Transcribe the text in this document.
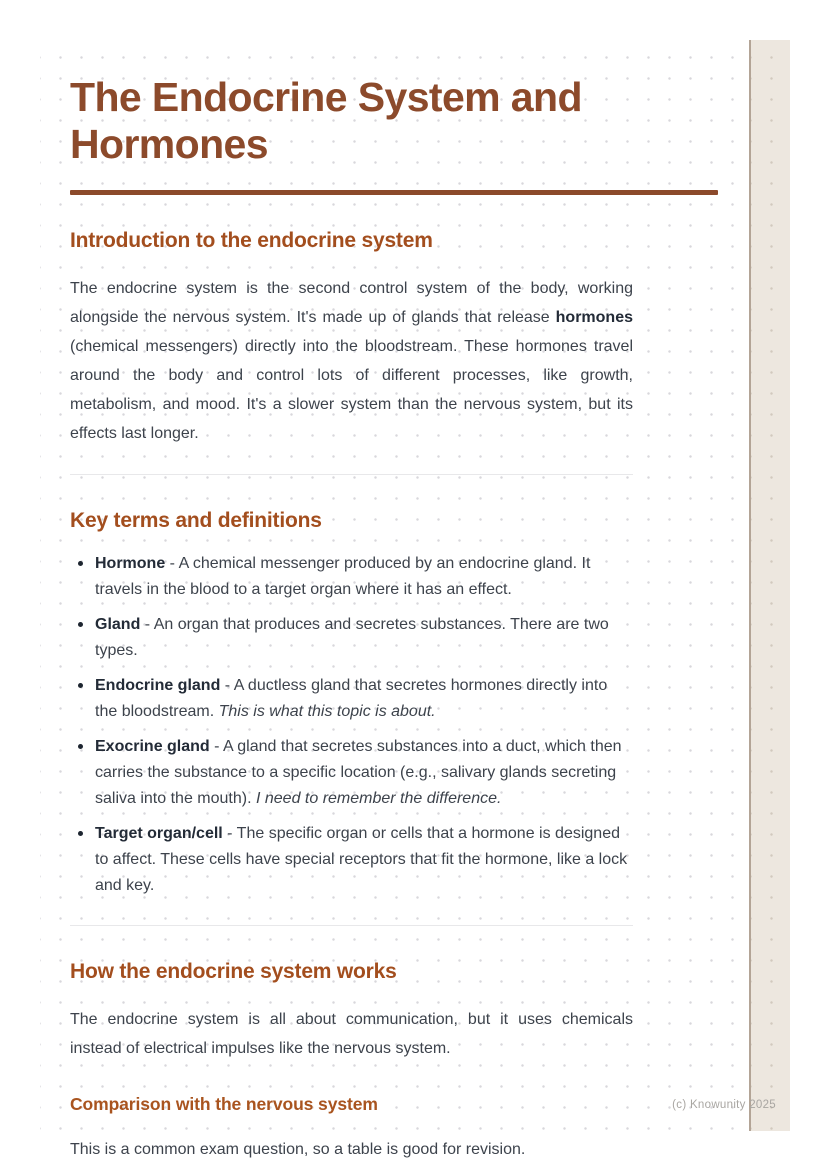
The Endocrine System and Hormones
Introduction to the endocrine system

The endocrine system is the second control system of the body, working alongside the nervous system. It's made up of glands that release hormones (chemical messengers) directly into the bloodstream. These hormones travel around the body and control lots of different processes, like growth, metabolism, and mood. It's a slower system than the nervous system, but its effects last longer.

Key terms and definitions
Hormone - A chemical messenger produced by an endocrine gland. It travels in the blood to a target organ where it has an effect.
Gland - An organ that produces and secretes substances. There are two types.
Endocrine gland - A ductless gland that secretes hormones directly into the bloodstream. This is what this topic is about.
Exocrine gland - A gland that secretes substances into a duct, which then carries the substance to a specific location (e.g., salivary glands secreting saliva into the mouth). I need to remember the difference.
Target organ/cell - The specific organ or cells that a hormone is designed to affect. These cells have special receptors that fit the hormone, like a lock and key.
How the endocrine system works

The endocrine system is all about communication, but it uses chemicals instead of electrical impulses like the nervous system.

Comparison with the nervous system

This is a common exam question, so a table is good for revision.

(c) Knowunity 2025
